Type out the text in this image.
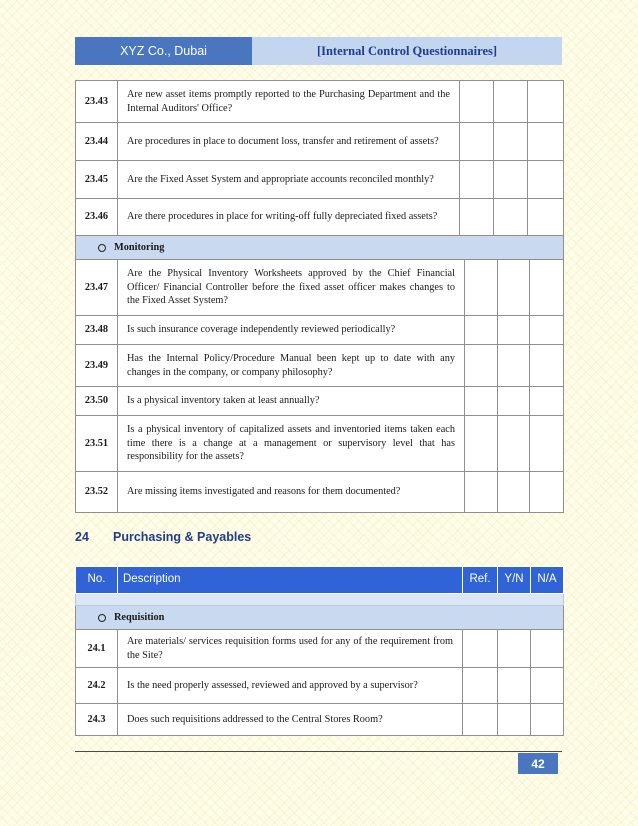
XYZ Co., Dubai	[Internal Control Questionnaires]
23.43	Are new asset items promptly reported to the Purchasing Department and the Internal Auditors' Office?			
23.44	Are procedures in place to document loss, transfer and retirement of assets?			
23.45	Are the Fixed Asset System and appropriate accounts reconciled monthly?			
23.46	Are there procedures in place for writing-off fully depreciated fixed assets?			
Monitoring				

23.47	Are the Physical Inventory Worksheets approved by the Chief Financial Officer/ Financial Controller before the fixed asset officer makes changes to the Fixed Asset System?			
23.48	Is such insurance coverage independently reviewed periodically?			
23.49	Has the Internal Policy/Procedure Manual been kept up to date with any changes in the company, or company philosophy?			
23.50	Is a physical inventory taken at least annually?			
23.51	Is a physical inventory of capitalized assets and inventoried items taken each time there is a change at a management or supervisory level that has responsibility for the assets?			
23.52	Are missing items investigated and reasons for them documented?			
24 Purchasing & Payables
No.	Description	Ref.	Y/N	N/A

Requisition				

24.1	Are materials/ services requisition forms used for any of the requirement from the Site?			
24.2	Is the need properly assessed, reviewed and approved by a supervisor?			
24.3	Does such requisitions addressed to the Central Stores Room?			
42
